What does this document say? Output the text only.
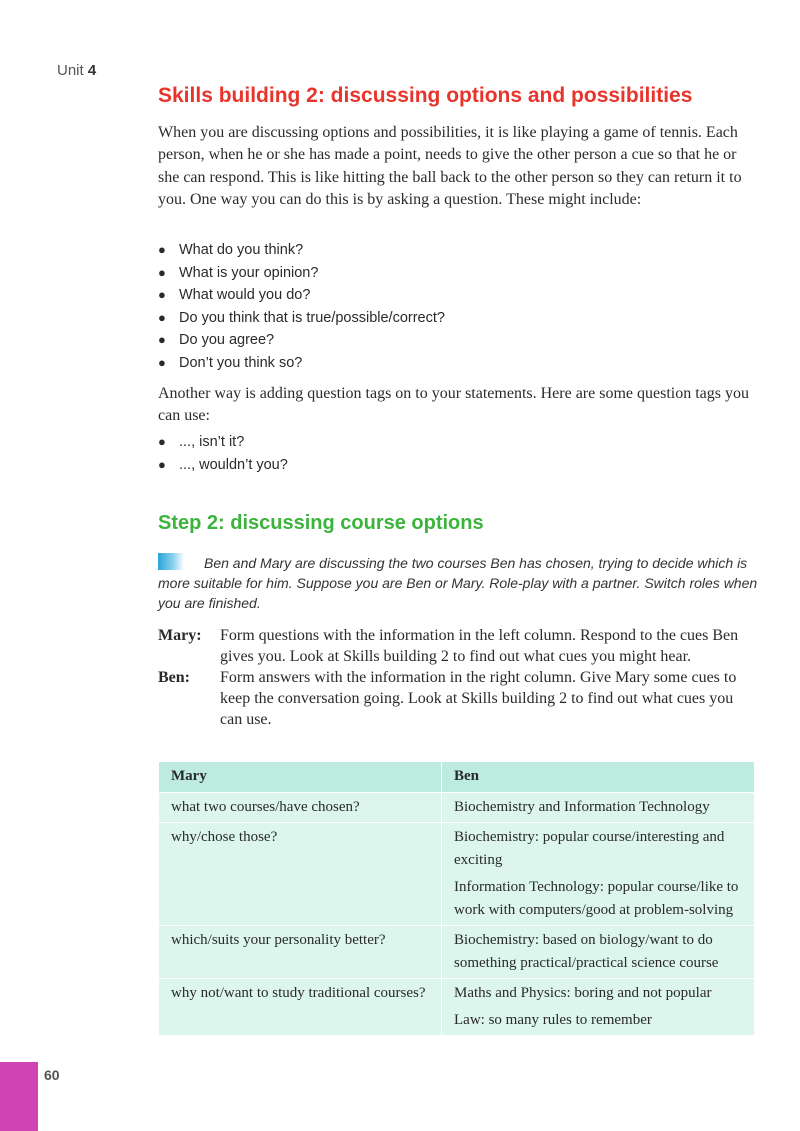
Unit 4
Skills building 2: discussing options and possibilities

When you are discussing options and possibilities, it is like playing a game of tennis. Each person, when he or she has made a point, needs to give the other person a cue so that he or she can respond. This is like hitting the ball back to the other person so they can return it to you. One way you can do this is by asking a question. These might include:

● What do you think?
● What is your opinion?
● What would you do?
● Do you think that is true/possible/correct?
● Do you agree?
● Don’t you think so?

Another way is adding question tags on to your statements. Here are some question tags you can use:

● ..., isn’t it?
● ..., wouldn’t you?
Step 2: discussing course options

Ben and Mary are discussing the two courses Ben has chosen, trying to decide which is more suitable for him. Suppose you are Ben or Mary. Role-play with a partner. Switch roles when you are finished.

Mary:	Form questions with the information in the left column. Respond to the cues Ben gives you. Look at Skills building 2 to find out what cues you might hear.
Ben:	Form answers with the information in the right column. Give Mary some cues to keep the conversation going. Look at Skills building 2 to find out what cues you can use.
Mary	Ben
what two courses/have chosen?	Biochemistry and Information Technology

why/chose those?	Biochemistry: popular course/interesting and exciting

Information Technology: popular course/like to work with computers/good at problem-solving

which/suits your personality better?	Biochemistry: based on biology/want to do something practical/practical science course

why not/want to study traditional courses?	Maths and Physics: boring and not popular

Law: so many rules to remember

60
